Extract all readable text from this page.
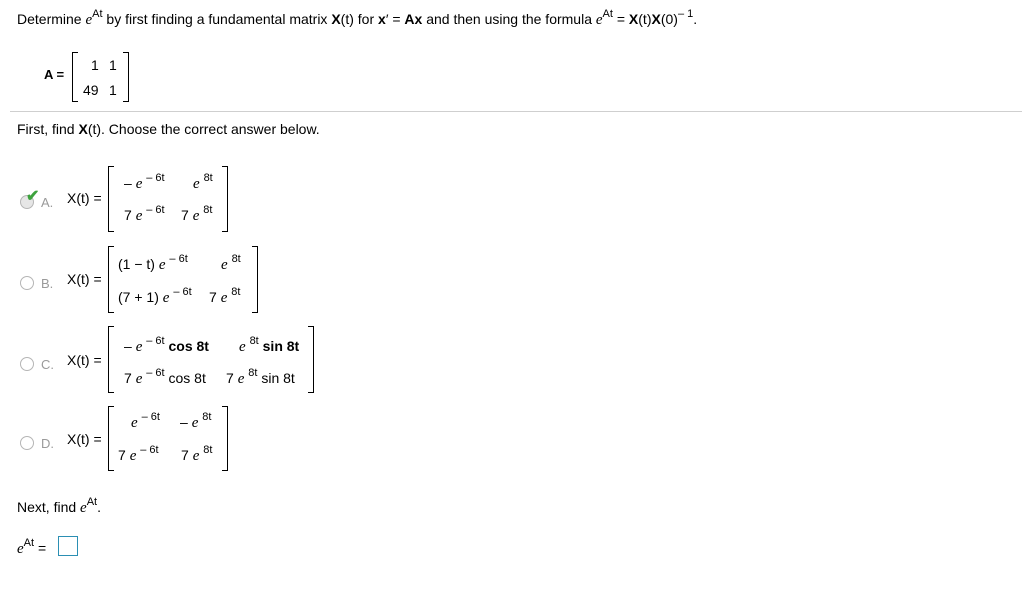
Determine $e^{At}$ by first finding a fundamental matrix X(t) for x′ = Ax and then using the formula $e^{At} = X(t)X(0)^{- 1}$.
A =
1 1
49 1
First, find X(t). Choose the correct answer below.
✔ A. X(t) =
– e $^{- 6t}$ e $^{8t}$
7 e $^{- 6t}$ 7 e $^{8t}$
B. X(t) =
(1 − t) e $^{- 6t}$ e $^{8t}$
(7 + 1) e $^{- 6t}$ 7 e $^{8t}$
C. X(t) =
– e $^{- 6t}$ cos 8t e $^{8t}$ sin 8t
7 e $^{- 6t}$ cos 8t 7 e $^{8t}$ sin 8t
D. X(t) =
e $^{- 6t}$ – e $^{8t}$
7 e $^{- 6t}$ 7 e $^{8t}$
Next, find $e^{At}$.
$e^{At}$ =
